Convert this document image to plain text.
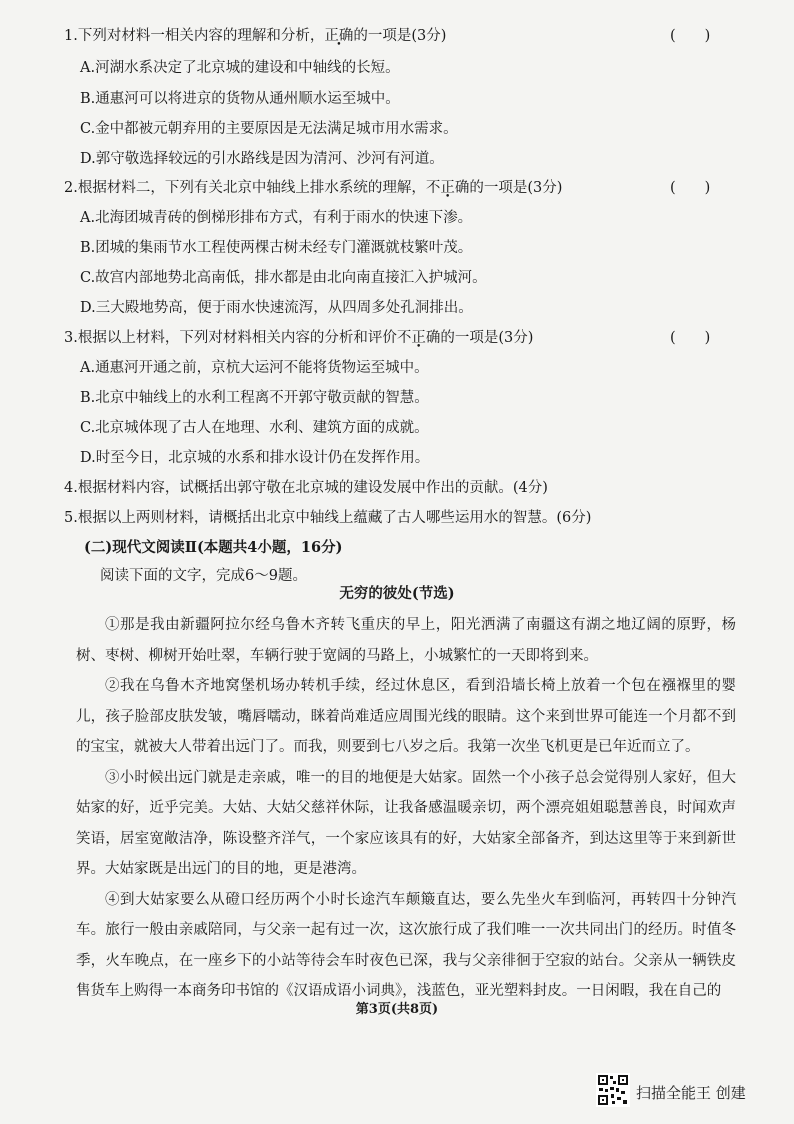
1.下列对材料一相关内容的理解和分析，正确的一项是(3分)	(　　)
A.河湖水系决定了北京城的建设和中轴线的长短。
B.通惠河可以将进京的货物从通州顺水运至城中。
C.金中都被元朝弃用的主要原因是无法满足城市用水需求。
D.郭守敬选择较远的引水路线是因为清河、沙河有河道。
2.根据材料二，下列有关北京中轴线上排水系统的理解，不正确的一项是(3分)	(　　)
A.北海团城青砖的倒梯形排布方式，有利于雨水的快速下渗。
B.团城的集雨节水工程使两棵古树未经专门灌溉就枝繁叶茂。
C.故宫内部地势北高南低，排水都是由北向南直接汇入护城河。
D.三大殿地势高，便于雨水快速流泻，从四周多处孔洞排出。
3.根据以上材料，下列对材料相关内容的分析和评价不正确的一项是(3分)	(　　)
A.通惠河开通之前，京杭大运河不能将货物运至城中。
B.北京中轴线上的水利工程离不开郭守敬贡献的智慧。
C.北京城体现了古人在地理、水利、建筑方面的成就。
D.时至今日，北京城的水系和排水设计仍在发挥作用。
4.根据材料内容，试概括出郭守敬在北京城的建设发展中作出的贡献。(4分)
5.根据以上两则材料，请概括出北京中轴线上蕴藏了古人哪些运用水的智慧。(6分)
(二)现代文阅读Ⅱ(本题共4小题，16分)
阅读下面的文字，完成6～9题。
无穷的彼处(节选)

①那是我由新疆阿拉尔经乌鲁木齐转飞重庆的早上，阳光洒满了南疆这有湖之地辽阔的原野，杨树、枣树、柳树开始吐翠，车辆行驶于宽阔的马路上，小城繁忙的一天即将到来。

②我在乌鲁木齐地窝堡机场办转机手续，经过休息区，看到沿墙长椅上放着一个包在襁褓里的婴儿，孩子脸部皮肤发皱，嘴唇嚅动，眯着尚难适应周围光线的眼睛。这个来到世界可能连一个月都不到的宝宝，就被大人带着出远门了。而我，则要到七八岁之后。我第一次坐飞机更是已年近而立了。

③小时候出远门就是走亲戚，唯一的目的地便是大姑家。固然一个小孩子总会觉得别人家好，但大姑家的好，近乎完美。大姑、大姑父慈祥休际，让我备感温暖亲切，两个漂亮姐姐聪慧善良，时闻欢声笑语，居室宽敞洁净，陈设整齐洋气，一个家应该具有的好，大姑家全部备齐，到达这里等于来到新世界。大姑家既是出远门的目的地，更是港湾。

④到大姑家要么从磴口经历两个小时长途汽车颠簸直达，要么先坐火车到临河，再转四十分钟汽车。旅行一般由亲戚陪同，与父亲一起有过一次，这次旅行成了我们唯一一次共同出门的经历。时值冬季，火车晚点，在一座乡下的小站等待会车时夜色已深，我与父亲徘徊于空寂的站台。父亲从一辆铁皮售货车上购得一本商务印书馆的《汉语成语小词典》，浅蓝色，亚光塑料封皮。一日闲暇，我在自己的

第3页(共8页)
扫描全能王 创建
